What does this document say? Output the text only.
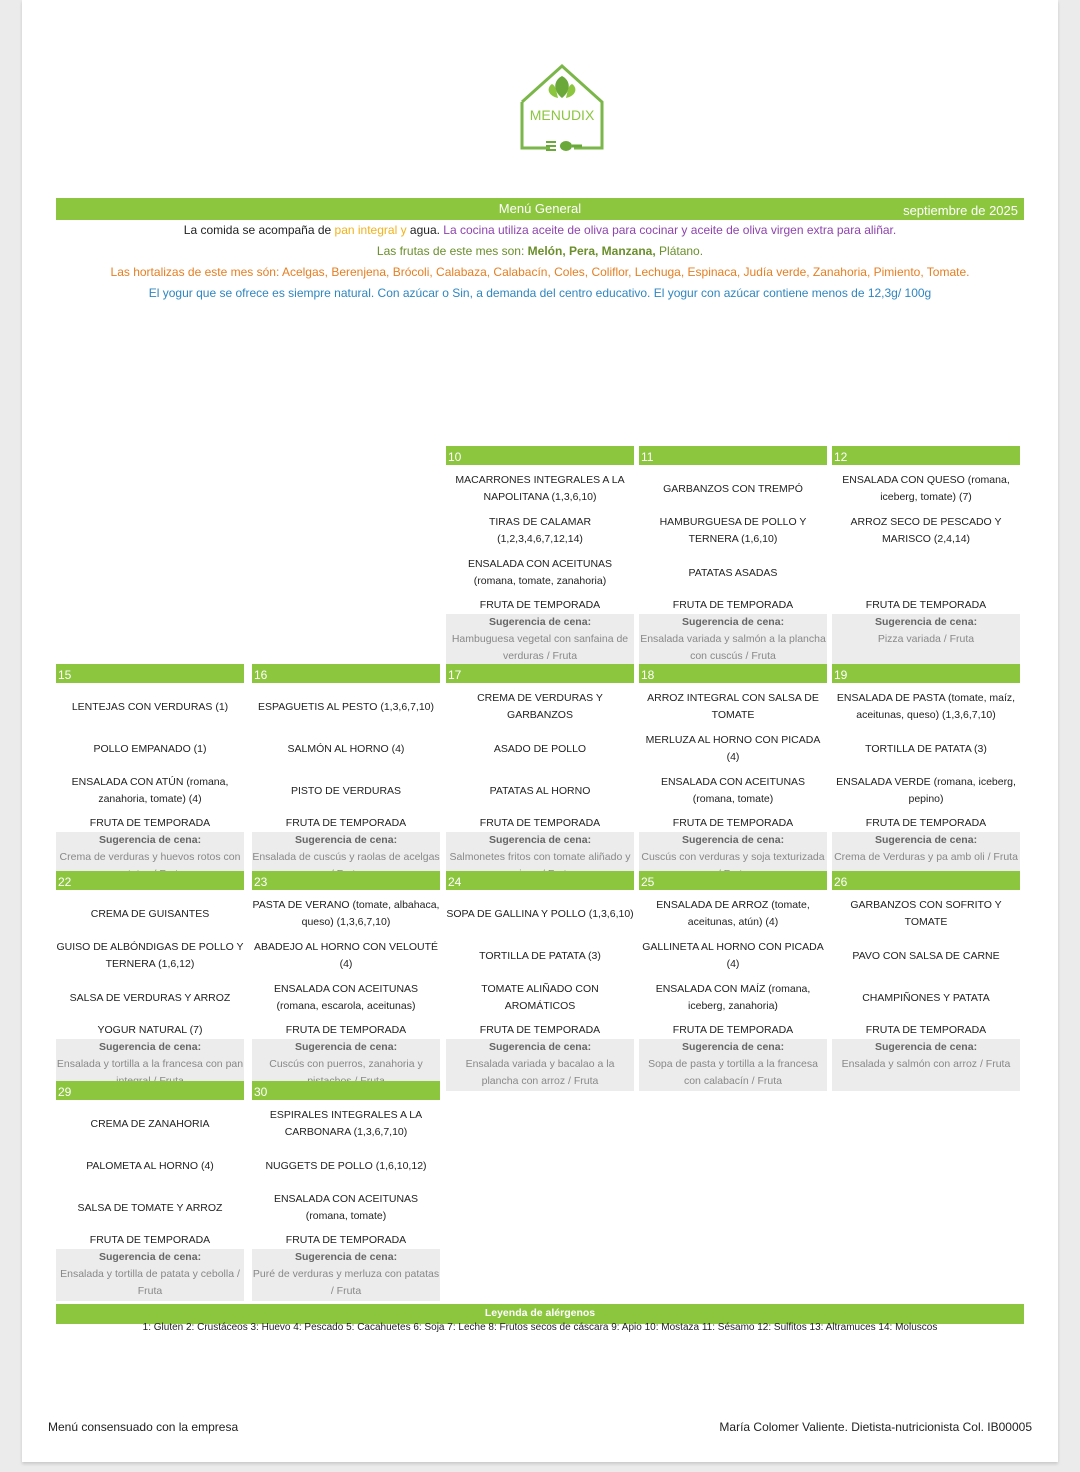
MENUDIX
Menú General	septiembre de 2025
La comida se acompaña de pan integral y agua. La cocina utiliza aceite de oliva para cocinar y aceite de oliva virgen extra para aliñar.
Las frutas de este mes son: Melón, Pera, Manzana, Plátano.
Las hortalizas de este mes són: Acelgas, Berenjena, Brócoli, Calabaza, Calabacín, Coles, Coliflor, Lechuga, Espinaca, Judía verde, Zanahoria, Pimiento, Tomate.
El yogur que se ofrece es siempre natural. Con azúcar o Sin, a demanda del centro educativo. El yogur con azúcar contiene menos de 12,3g/ 100g
10
MACARRONES INTEGRALES A LA NAPOLITANA (1,3,6,10)
TIRAS DE CALAMAR (1,2,3,4,6,7,12,14)
ENSALADA CON ACEITUNAS (romana, tomate, zanahoria)
FRUTA DE TEMPORADA
Sugerencia de cena:
Hambuguesa vegetal con sanfaina de verduras / Fruta
11
GARBANZOS CON TREMPÓ
HAMBURGUESA DE POLLO Y TERNERA (1,6,10)
PATATAS ASADAS
FRUTA DE TEMPORADA
Sugerencia de cena:
Ensalada variada y salmón a la plancha con cuscús / Fruta
12
ENSALADA CON QUESO (romana, iceberg, tomate) (7)
ARROZ SECO DE PESCADO Y MARISCO (2,4,14)
FRUTA DE TEMPORADA
Sugerencia de cena:
Pizza variada / Fruta
15
LENTEJAS CON VERDURAS (1)
POLLO EMPANADO (1)
ENSALADA CON ATÚN (romana, zanahoria, tomate) (4)
FRUTA DE TEMPORADA
Sugerencia de cena:
Crema de verduras y huevos rotos con
16
ESPAGUETIS AL PESTO (1,3,6,7,10)
SALMÓN AL HORNO (4)
PISTO DE VERDURAS
FRUTA DE TEMPORADA
Sugerencia de cena:
Ensalada de cuscús y raolas de acelgas
17
CREMA DE VERDURAS Y GARBANZOS
ASADO DE POLLO
PATATAS AL HORNO
FRUTA DE TEMPORADA
Sugerencia de cena:
Salmonetes fritos con tomate aliñado y
18
ARROZ INTEGRAL CON SALSA DE TOMATE
MERLUZA AL HORNO CON PICADA (4)
ENSALADA CON ACEITUNAS (romana, tomate)
FRUTA DE TEMPORADA
Sugerencia de cena:
Cuscús con verduras y soja texturizada
19
ENSALADA DE PASTA (tomate, maíz, aceitunas, queso) (1,3,6,7,10)
TORTILLA DE PATATA (3)
ENSALADA VERDE (romana, iceberg, pepino)
FRUTA DE TEMPORADA
Sugerencia de cena:
Crema de Verduras y pa amb oli / Fruta
22
CREMA DE GUISANTES
GUISO DE ALBÓNDIGAS DE POLLO Y TERNERA (1,6,12)
SALSA DE VERDURAS Y ARROZ
YOGUR NATURAL (7)
Sugerencia de cena:
Ensalada y tortilla a la francesa con pan
23
PASTA DE VERANO (tomate, albahaca, queso) (1,3,6,7,10)
ABADEJO AL HORNO CON VELOUTÉ (4)
ENSALADA CON ACEITUNAS (romana, escarola, aceitunas)
FRUTA DE TEMPORADA
Sugerencia de cena:
Cuscús con puerros, zanahoria y
24
SOPA DE GALLINA Y POLLO (1,3,6,10)
TORTILLA DE PATATA (3)
TOMATE ALIÑADO CON AROMÁTICOS
FRUTA DE TEMPORADA
Sugerencia de cena:
Ensalada variada y bacalao a la plancha con arroz / Fruta
25
ENSALADA DE ARROZ (tomate, aceitunas, atún) (4)
GALLINETA AL HORNO CON PICADA (4)
ENSALADA CON MAÍZ (romana, iceberg, zanahoria)
FRUTA DE TEMPORADA
Sugerencia de cena:
Sopa de pasta y tortilla a la francesa con calabacín / Fruta
26
GARBANZOS CON SOFRITO Y TOMATE
PAVO CON SALSA DE CARNE
CHAMPIÑONES Y PATATA
FRUTA DE TEMPORADA
Sugerencia de cena:
Ensalada y salmón con arroz / Fruta
29
CREMA DE ZANAHORIA
PALOMETA AL HORNO (4)
SALSA DE TOMATE Y ARROZ
FRUTA DE TEMPORADA
Sugerencia de cena:
Ensalada y tortilla de patata y cebolla / Fruta
30
ESPIRALES INTEGRALES A LA CARBONARA (1,3,6,7,10)
NUGGETS DE POLLO (1,6,10,12)
ENSALADA CON ACEITUNAS (romana, tomate)
FRUTA DE TEMPORADA
Sugerencia de cena:
Puré de verduras y merluza con patatas / Fruta
Leyenda de alérgenos
1: Gluten 2: Crustáceos 3: Huevo 4: Pescado 5: Cacahuetes 6: Soja 7: Leche 8: Frutos secos de cáscara 9: Apio 10: Mostaza 11: Sésamo 12: Sulfitos 13: Altramuces 14: Moluscos
Menú consensuado con la empresa	María Colomer Valiente. Dietista-nutricionista Col. IB00005
